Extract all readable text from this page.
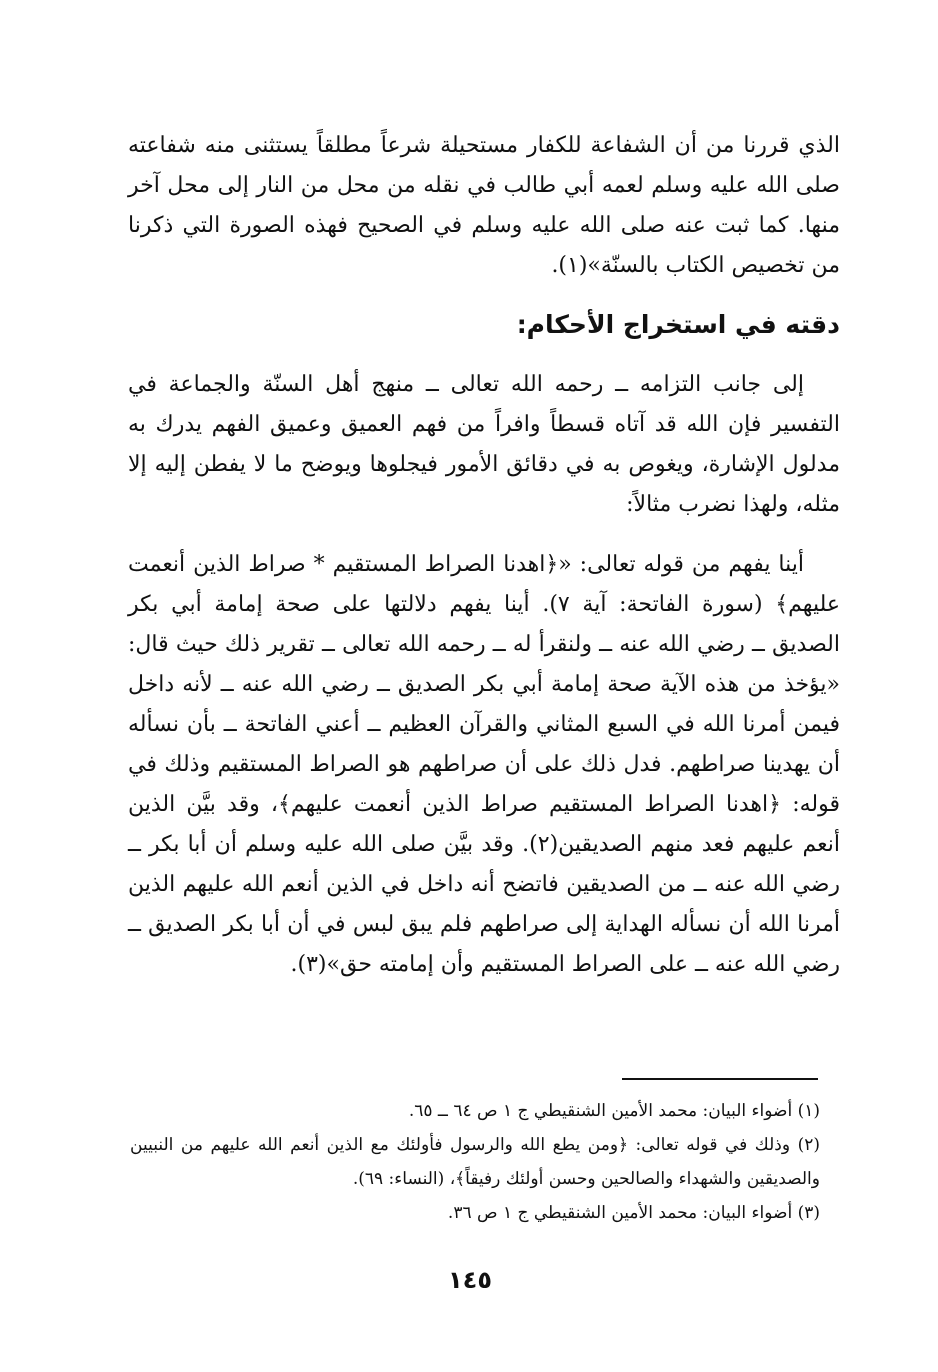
الذي قررنا من أن الشفاعة للكفار مستحيلة شرعاً مطلقاً يستثنى منه شفاعته صلى الله عليه وسلم لعمه أبي طالب في نقله من محل من النار إلى محل آخر منها. كما ثبت عنه صلى الله عليه وسلم في الصحيح فهذه الصورة التي ذكرنا من تخصيص الكتاب بالسنّة»(١).

دقته في استخراج الأحكام:

إلى جانب التزامه ــ رحمه الله تعالى ــ منهج أهل السنّة والجماعة في التفسير فإن الله قد آتاه قسطاً وافراً من فهم العميق وعميق الفهم يدرك به مدلول الإشارة، ويغوص به في دقائق الأمور فيجلوها ويوضح ما لا يفطن إليه إلا مثله، ولهذا نضرب مثالاً:

أينا يفهم من قوله تعالى: «﴿اهدنا الصراط المستقيم * صراط الذين أنعمت عليهم﴾ (سورة الفاتحة: آية ٧). أينا يفهم دلالتها على صحة إمامة أبي بكر الصديق ــ رضي الله عنه ــ ولنقرأ له ــ رحمه الله تعالى ــ تقرير ذلك حيث قال: «يؤخذ من هذه الآية صحة إمامة أبي بكر الصديق ــ رضي الله عنه ــ لأنه داخل فيمن أمرنا الله في السبع المثاني والقرآن العظيم ــ أعني الفاتحة ــ بأن نسأله أن يهدينا صراطهم. فدل ذلك على أن صراطهم هو الصراط المستقيم وذلك في قوله: ﴿اهدنا الصراط المستقيم صراط الذين أنعمت عليهم﴾، وقد بيَّن الذين أنعم عليهم فعد منهم الصديقين(٢). وقد بيَّن صلى الله عليه وسلم أن أبا بكر ــ رضي الله عنه ــ من الصديقين فاتضح أنه داخل في الذين أنعم الله عليهم الذين أمرنا الله أن نسأله الهداية إلى صراطهم فلم يبق لبس في أن أبا بكر الصديق ــ رضي الله عنه ــ على الصراط المستقيم وأن إمامته حق»(٣).

(١) أضواء البيان: محمد الأمين الشنقيطي ج ١ ص ٦٤ ــ ٦٥.

(٢) وذلك في قوله تعالى: ﴿ومن يطع الله والرسول فأولئك مع الذين أنعم الله عليهم من النبيين والصديقين والشهداء والصالحين وحسن أولئك رفيقاً﴾، (النساء: ٦٩).

(٣) أضواء البيان: محمد الأمين الشنقيطي ج ١ ص ٣٦.

١٤٥
